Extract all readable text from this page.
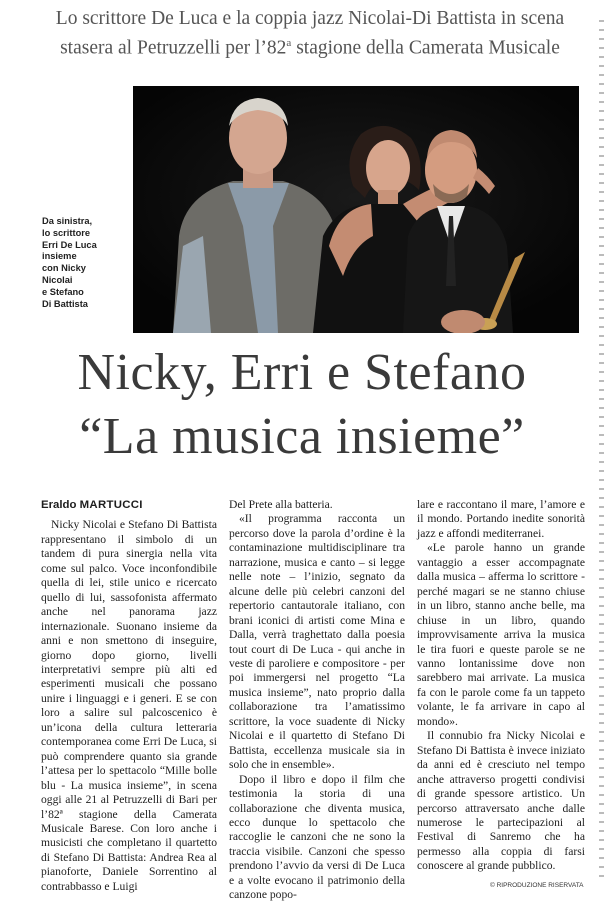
Lo scrittore De Luca e la coppia jazz Nicolai-Di Battista in scena
stasera al Petruzzelli per l’82$^a$ stagione della Camerata Musicale
Da sinistra,
lo scrittore
Erri De Luca
insieme
con Nicky
Nicolai
e Stefano
Di Battista
Nicky, Erri e Stefano
“La musica insieme”
Eraldo MARTUCCI

Nicky Nicolai e Stefano Di Battista rappresentano il simbolo di un tandem di pura sinergia nella vita come sul palco. Voce inconfondibile quella di lei, stile unico e ricercato quello di lui, sassofonista affermato anche nel panorama jazz internazionale. Suonano insieme da anni e non smettono di inseguire, giorno dopo giorno, livelli interpretativi sempre più alti ed esperimenti musicali che possano unire i linguaggi e i generi. E se con loro a salire sul palcoscenico è un’icona della cultura letteraria contemporanea come Erri De Luca, si può comprendere quanto sia grande l’attesa per lo spettacolo “Mille bolle blu - La musica insieme”, in scena oggi alle 21 al Petruzzelli di Bari per l’82ª stagione della Camerata Musicale Barese. Con loro anche i musicisti che completano il quartetto di Stefano Di Battista: Andrea Rea al pianoforte, Daniele Sorrentino al contrabbasso e Luigi

Del Prete alla batteria.

«Il programma racconta un percorso dove la parola d’ordine è la contaminazione multidisciplinare tra narrazione, musica e canto – si legge nelle note – l’inizio, segnato da alcune delle più celebri canzoni del repertorio cantautorale italiano, con brani iconici di artisti come Mina e Dalla, verrà traghettato dalla poesia tout court di De Luca - qui anche in veste di paroliere e compositore - per poi immergersi nel progetto “La musica insieme”, nato proprio dalla collaborazione tra l’amatissimo scrittore, la voce suadente di Nicky Nicolai e il quartetto di Stefano Di Battista, eccellenza musicale sia in solo che in ensemble».

Dopo il libro e dopo il film che testimonia la storia di una collaborazione che diventa musica, ecco dunque lo spettacolo che raccoglie le canzoni che ne sono la traccia visibile. Canzoni che spesso prendono l’avvio da versi di De Luca e a volte evocano il patrimonio della canzone popo-

lare e raccontano il mare, l’amore e il mondo. Portando inedite sonorità jazz e affondi mediterranei.

«Le parole hanno un grande vantaggio a esser accompagnate dalla musica – afferma lo scrittore - perché magari se ne stanno chiuse in un libro, stanno anche belle, ma chiuse in un libro, quando improvvisamente arriva la musica le tira fuori e queste parole se ne vanno lontanissime dove non sarebbero mai arrivate. La musica fa con le parole come fa un tappeto volante, le fa arrivare in capo al mondo».

Il connubio fra Nicky Nicolai e Stefano Di Battista è invece iniziato da anni ed è cresciuto nel tempo anche attraverso progetti condivisi di grande spessore artistico. Un percorso attraversato anche dalle numerose le partecipazioni al Festival di Sanremo che ha permesso alla coppia di farsi conoscere al grande pubblico.

© RIPRODUZIONE RISERVATA
